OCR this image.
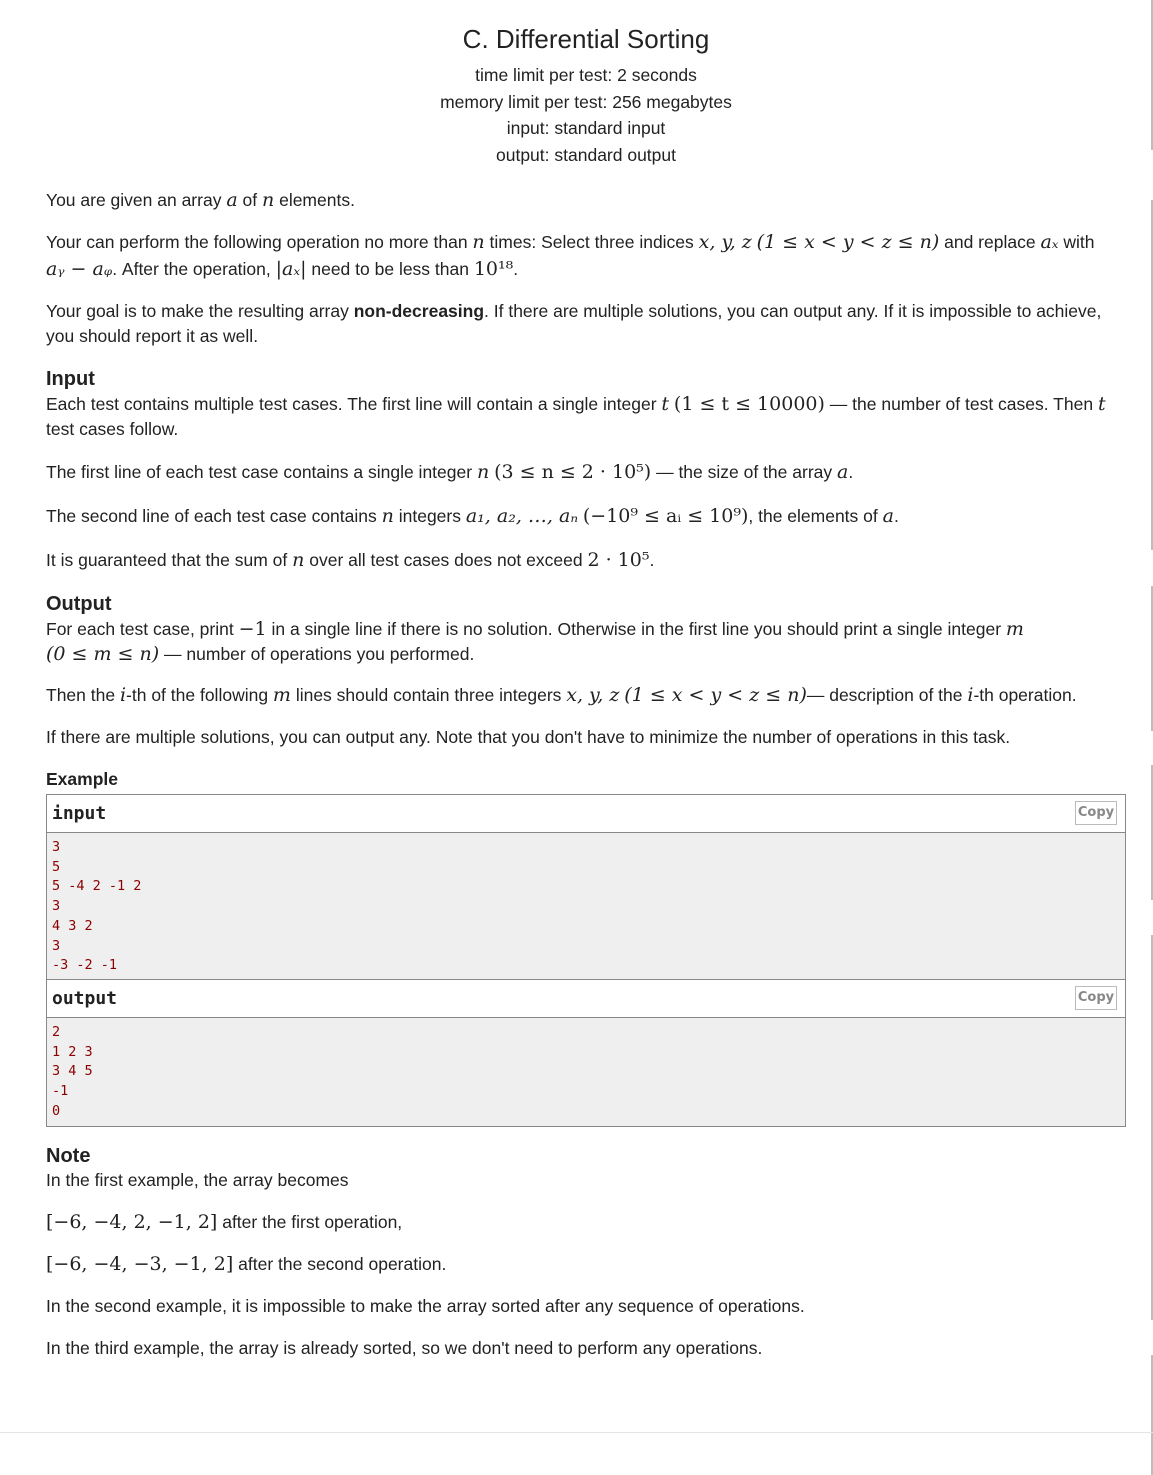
C. Differential Sorting
time limit per test: 2 seconds
memory limit per test: 256 megabytes
input: standard input
output: standard output

You are given an array a of n elements.

Your can perform the following operation no more than n times: Select three indices x, y, z (1 ≤ x < y < z ≤ n) and replace aₓ with

aᵧ − aᵩ. After the operation, |aₓ| need to be less than 10¹⁸.

Your goal is to make the resulting array non-decreasing. If there are multiple solutions, you can output any. If it is impossible to achieve,

you should report it as well.

Input

Each test contains multiple test cases. The first line will contain a single integer t (1 ≤ t ≤ 10000) — the number of test cases. Then t

test cases follow.

The first line of each test case contains a single integer n (3 ≤ n ≤ 2 · 10⁵) — the size of the array a.

The second line of each test case contains n integers a₁, a₂, …, aₙ (−10⁹ ≤ aᵢ ≤ 10⁹), the elements of a.

It is guaranteed that the sum of n over all test cases does not exceed 2 · 10⁵.

Output

For each test case, print −1 in a single line if there is no solution. Otherwise in the first line you should print a single integer m

(0 ≤ m ≤ n) — number of operations you performed.

Then the i-th of the following m lines should contain three integers x, y, z (1 ≤ x < y < z ≤ n)— description of the i-th operation.

If there are multiple solutions, you can output any. Note that you don't have to minimize the number of operations in this task.

Example
input	Copy
3
5
5 -4 2 -1 2
3
4 3 2
3
-3 -2 -1
output	Copy
2
1 2 3
3 4 5
-1
0
Note

In the first example, the array becomes

[−6, −4, 2, −1, 2] after the first operation,

[−6, −4, −3, −1, 2] after the second operation.

In the second example, it is impossible to make the array sorted after any sequence of operations.

In the third example, the array is already sorted, so we don't need to perform any operations.
